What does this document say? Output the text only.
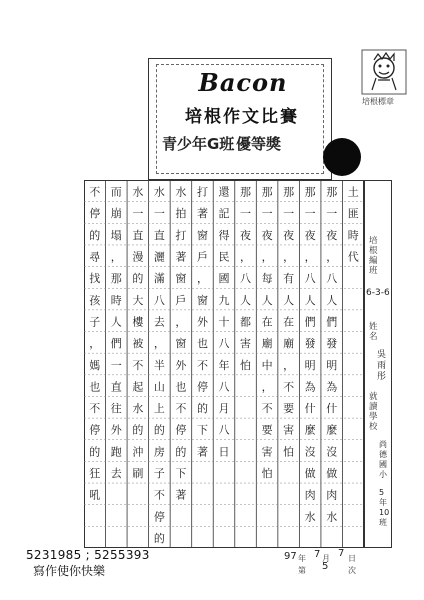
Bacon
培根作文比賽
青少年G班 優等獎
培根標章
土
匪
時
代
那
一
夜
，
八
人
們
發
明
為
什
麼
沒
做
肉
水
那
一
夜
，
八
人
們
發
明
為
什
麼
沒
做
肉
水
那
一
夜
，
有
人
在
廟
，
不
要
害
怕
那
一
夜
，
每
人
在
廟
中
，
不
要
害
怕
那
一
夜
，
八
人
都
害
怕
還
記
得
民
國
九
十
八
年
八
月
八
日
打
著
窗
戶
，
窗
外
也
不
停
的
下
著
水
拍
打
著
窗
戶
，
窗
外
也
不
停
的
下
著
水
一
直
灑
滿
八
去
，
半
山
上
的
房
子
不
停
的
水
一
直
漫
的
大
樓
被
不
起
水
的
沖
刷
而
崩
塌
，
那
時
人
們
一
直
往
外
跑
去
不
停
的
尋
找
孩
子
，
媽
也
不
停
的
狂
吼
培根編班
6-3-6
姓名
吳雨彤
就讀學校
尚德國小
5年10班
97 年 7 月 7 日
第 5 次
5231985 ; 5255393
寫作使你快樂
